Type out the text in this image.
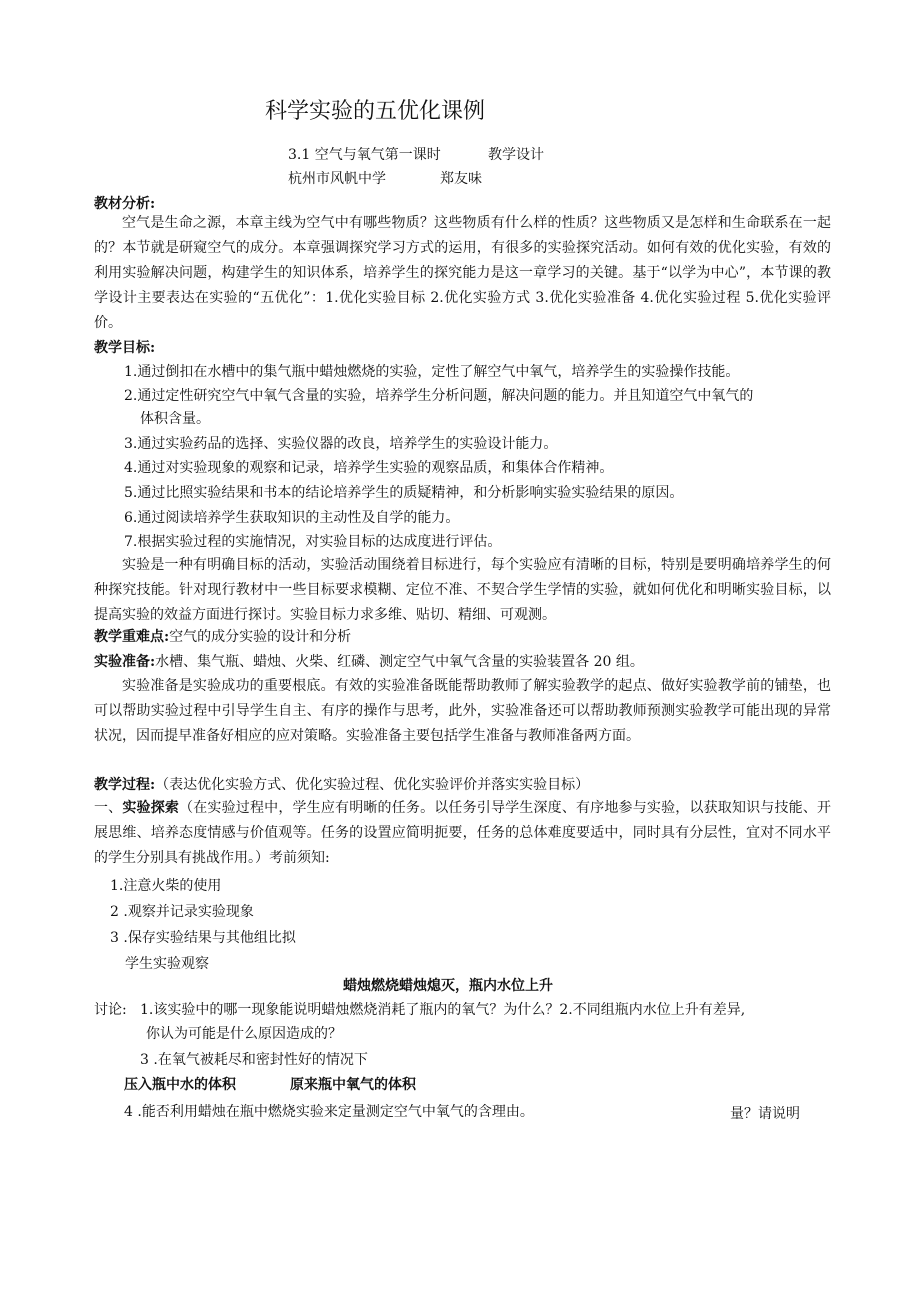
科学实验的五优化课例
3.1 空气与氧气第一课时	教学设计
杭州市风帆中学	郑友味
教材分析:
空气是生命之源，本章主线为空气中有哪些物质？这些物质有什么样的性质？这些物质又是怎样和生命联系在一起的？本节就是研窥空气的成分。本章强调探究学习方式的运用，有很多的实验探究活动。如何有效的优化实验，有效的利用实验解决问题，构建学生的知识体系，培养学生的探究能力是这一章学习的关键。基于“以学为中心”，本节课的教学设计主要表达在实验的“五优化”：1.优化实验目标 2.优化实验方式 3.优化实验准备 4.优化实验过程 5.优化实验评价。
教学目标:
1.通过倒扣在水槽中的集气瓶中蜡烛燃烧的实验，定性了解空气中氧气，培养学生的实验操作技能。
2.通过定性研究空气中氧气含量的实验，培养学生分析问题，解决问题的能力。并且知道空气中氧气的
体积含量。
3.通过实验药品的选择、实验仪器的改良，培养学生的实验设计能力。
4.通过对实验现象的观察和记录，培养学生实验的观察品质，和集体合作精神。
5.通过比照实验结果和书本的结论培养学生的质疑精神，和分析影响实验实验结果的原因。
6.通过阅读培养学生获取知识的主动性及自学的能力。
7.根据实验过程的实施情况，对实验目标的达成度进行评估。
实验是一种有明确目标的活动，实验活动围绕着目标进行，每个实验应有清晰的目标，特别是要明确培养学生的何种探究技能。针对现行教材中一些目标要求模糊、定位不准、不契合学生学情的实验，就如何优化和明晰实验目标，以提高实验的效益方面进行探讨。实验目标力求多维、贴切、精细、可观测。
教学重难点:空气的成分实验的设计和分析
实验准备:水槽、集气瓶、蜡烛、火柴、红磷、测定空气中氧气含量的实验装置各 20 组。
实验准备是实验成功的重要根底。有效的实验准备既能帮助教师了解实验教学的起点、做好实验教学前的铺垫，也可以帮助实验过程中引导学生自主、有序的操作与思考，此外，实验准备还可以帮助教师预测实验教学可能出现的异常状况，因而提早准备好相应的应对策略。实验准备主要包括学生准备与教师准备两方面。
教学过程:（表达优化实验方式、优化实验过程、优化实验评价并落实实验目标）
一、实验探索（在实验过程中，学生应有明晰的任务。以任务引导学生深度、有序地参与实验，以获取知识与技能、开展思维、培养态度情感与价值观等。任务的设置应简明扼要，任务的总体难度要适中，同时具有分层性，宜对不同水平的学生分别具有挑战作用。）考前须知:
1.注意火柴的使用
2 .观察并记录实验现象
3 .保存实验结果与其他组比拟
学生实验观察
蜡烛燃烧蜡烛熄灭，瓶内水位上升
讨论: 1.该实验中的哪一现象能说明蜡烛燃烧消耗了瓶内的氧气？为什么？2.不同组瓶内水位上升有差异,
你认为可能是什么原因造成的？
3 .在氧气被耗尽和密封性好的情况下
压入瓶中水的体积	原来瓶中氧气的体积
4 .能否利用蜡烛在瓶中燃烧实验来定量测定空气中氧气的含理由。	量？请说明
